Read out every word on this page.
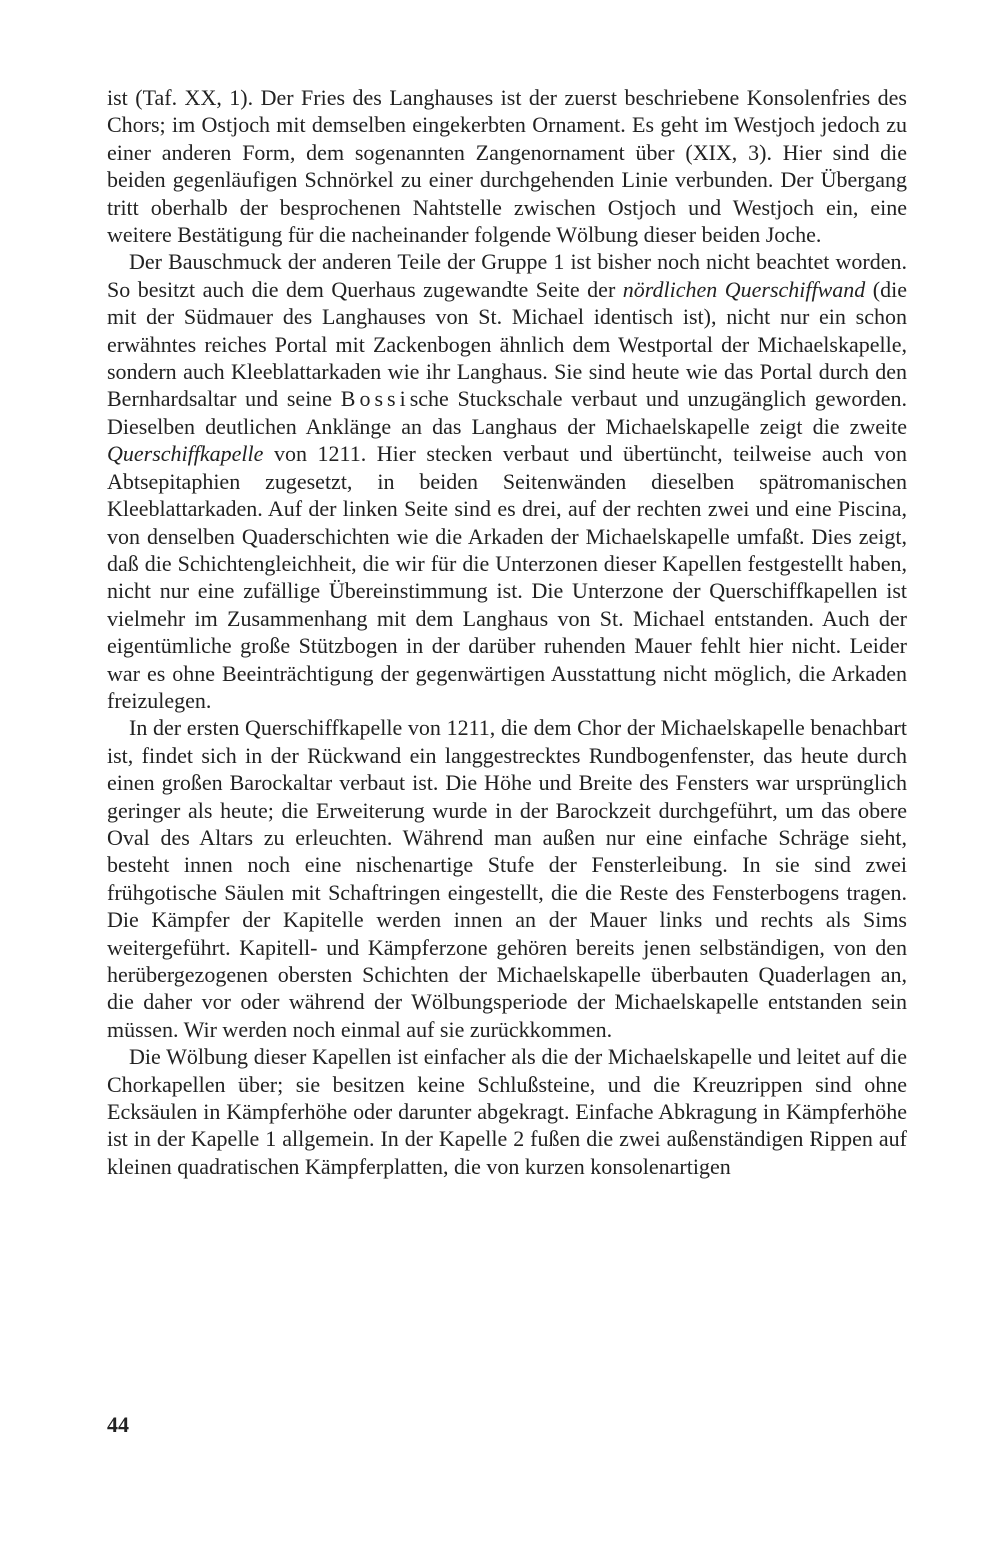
ist (Taf. XX, 1). Der Fries des Langhauses ist der zuerst beschriebene Konsolenfries des Chors; im Ostjoch mit demselben eingekerbten Ornament. Es geht im Westjoch jedoch zu einer anderen Form, dem sogenannten Zangenornament über (XIX, 3). Hier sind die beiden gegenläufigen Schnörkel zu einer durchgehenden Linie verbunden. Der Übergang tritt oberhalb der besprochenen Nahtstelle zwischen Ostjoch und Westjoch ein, eine weitere Bestätigung für die nacheinander folgende Wölbung dieser beiden Joche.

Der Bauschmuck der anderen Teile der Gruppe 1 ist bisher noch nicht beachtet worden. So besitzt auch die dem Querhaus zugewandte Seite der nördlichen Querschiffwand (die mit der Südmauer des Langhauses von St. Michael identisch ist), nicht nur ein schon erwähntes reiches Portal mit Zackenbogen ähnlich dem Westportal der Michaelskapelle, sondern auch Kleeblattarkaden wie ihr Langhaus. Sie sind heute wie das Portal durch den Bernhardsaltar und seine Bossische Stuckschale verbaut und unzugänglich geworden. Dieselben deutlichen Anklänge an das Langhaus der Michaelskapelle zeigt die zweite Querschiffkapelle von 1211. Hier stecken verbaut und übertüncht, teilweise auch von Abtsepitaphien zugesetzt, in beiden Seitenwänden dieselben spätromanischen Kleeblattarkaden. Auf der linken Seite sind es drei, auf der rechten zwei und eine Piscina, von denselben Quaderschichten wie die Arkaden der Michaelskapelle umfaßt. Dies zeigt, daß die Schichtengleichheit, die wir für die Unterzonen dieser Kapellen festgestellt haben, nicht nur eine zufällige Übereinstimmung ist. Die Unterzone der Querschiffkapellen ist vielmehr im Zusammenhang mit dem Langhaus von St. Michael entstanden. Auch der eigentümliche große Stützbogen in der darüber ruhenden Mauer fehlt hier nicht. Leider war es ohne Beeinträchtigung der gegenwärtigen Ausstattung nicht möglich, die Arkaden freizulegen.

In der ersten Querschiffkapelle von 1211, die dem Chor der Michaelskapelle benachbart ist, findet sich in der Rückwand ein langgestrecktes Rundbogenfenster, das heute durch einen großen Barockaltar verbaut ist. Die Höhe und Breite des Fensters war ursprünglich geringer als heute; die Erweiterung wurde in der Barockzeit durchgeführt, um das obere Oval des Altars zu erleuchten. Während man außen nur eine einfache Schräge sieht, besteht innen noch eine nischenartige Stufe der Fensterleibung. In sie sind zwei frühgotische Säulen mit Schaftringen eingestellt, die die Reste des Fensterbogens tragen. Die Kämpfer der Kapitelle werden innen an der Mauer links und rechts als Sims weitergeführt. Kapitell- und Kämpferzone gehören bereits jenen selbständigen, von den herübergezogenen obersten Schichten der Michaelskapelle überbauten Quaderlagen an, die daher vor oder während der Wölbungsperiode der Michaelskapelle entstanden sein müssen. Wir werden noch einmal auf sie zurückkommen.

Die Wölbung dieser Kapellen ist einfacher als die der Michaelskapelle und leitet auf die Chorkapellen über; sie besitzen keine Schlußsteine, und die Kreuzrippen sind ohne Ecksäulen in Kämpferhöhe oder darunter abgekragt. Einfache Abkragung in Kämpferhöhe ist in der Kapelle 1 allgemein. In der Kapelle 2 fußen die zwei außenständigen Rippen auf kleinen quadratischen Kämpferplatten, die von kurzen konsolenartigen

44
